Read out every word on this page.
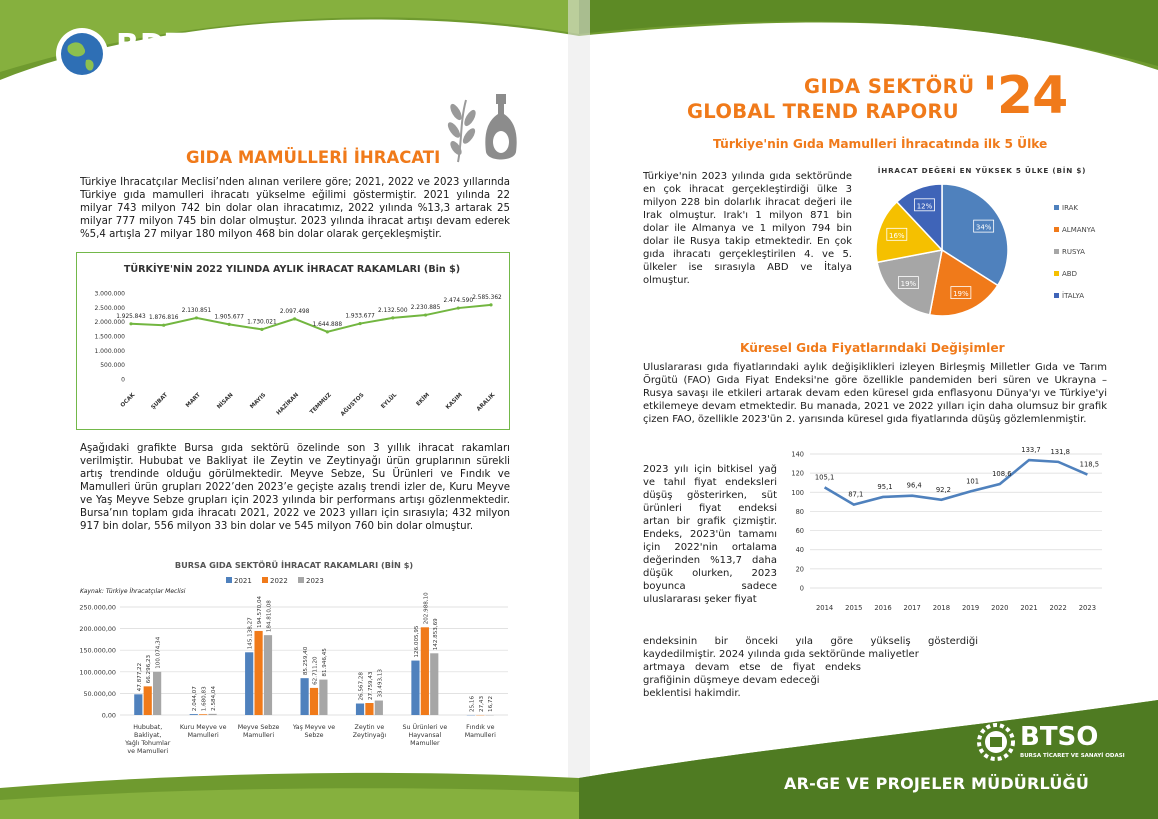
BDTM
BURSA DIŞ TİCARET MERKEZİ
GIDA MAMÜLLERİ İHRACATI
Türkiye İhracatçılar Meclisi’nden alınan verilere göre; 2021, 2022 ve 2023 yıllarında Türkiye gıda mamulleri ihracatı yükselme eğilimi göstermiştir. 2021 yılında 22 milyar 743 milyon 742 bin dolar olan ihracatımız, 2022 yılında %13,3 artarak 25 milyar 777 milyon 745 bin dolar olmuştur. 2023 yılında ihracat artışı devam ederek %5,4 artışla 27 milyar 180 milyon 468 bin dolar olarak gerçekleşmiştir.
TÜRKİYE'NİN 2022 YILINDA AYLIK İHRACAT RAKAMLARI (Bin $)
0
500.000
1.000.000
1.500.000
2.000.000
2.500.000
3.000.000
1.925.843
OCAK
1.876.816
ŞUBAT
2.130.851
MART
1.905.677
NİSAN
1.730.021
MAYIS
2.097.498
HAZİRAN
1.644.888
TEMMUZ
1.933.677
AĞUSTOS
2.132.500
EYLÜL
2.230.885
EKİM
2.474.590
KASIM
2.585.362
ARALIK
Aşağıdaki grafikte Bursa gıda sektörü özelinde son 3 yıllık ihracat rakamları verilmiştir. Hububat ve Bakliyat ile Zeytin ve Zeytinyağı ürün gruplarının sürekli artış trendinde olduğu görülmektedir. Meyve Sebze, Su Ürünleri ve Fındık ve Mamulleri ürün grupları 2022’den 2023’e geçişte azalış trendi izler de, Kuru Meyve ve Yaş Meyve Sebze grupları için 2023 yılında bir performans artışı gözlenmektedir. Bursa’nın toplam gıda ihracatı 2021, 2022 ve 2023 yılları için sırasıyla; 432 milyon 917 bin dolar, 556 milyon 33 bin dolar ve 545 milyon 760 bin dolar olmuştur.
BURSA GIDA SEKTÖRÜ İHRACAT RAKAMLARI (BİN $)
2021	2022	2023
Kaynak: Türkiye İhracatçılar Meclisi
0,00
50.000,00
100.000,00
150.000,00
200.000,00
250.000,00
47.877,22 66.296,23
100.074,34
Hububat,
Bakliyat,
Yağlı Tohumlar
ve Mamulleri
2.044,07 1.680,83 2.584,04
Kuru Meyve ve
Mamulleri
145.138,27
194.570,04 184.810,08
Meyve Sebze
Mamulleri
85.259,40 62.711,20 81.946,45
Yaş Meyve ve
Sebze
26.567,28 27.759,43 33.493,13
Zeytin ve
Zeytinyağı
126.005,95
202.988,10
142.853,69
Su Ürünleri ve
Hayvansal
Mamuller
25,16 27,43 16,72
Fındık ve
Mamulleri
GIDA SEKTÖRÜ
GLOBAL TREND RAPORU '24
Türkiye'nin Gıda Mamulleri İhracatında ilk 5 Ülke
Türkiye'nin 2023 yılında gıda sektöründe en çok ihracat gerçekleştirdiği ülke 3 milyon 228 bin dolarlık ihracat değeri ile Irak olmuştur. Irak'ı 1 milyon 871 bin dolar ile Almanya ve 1 milyon 794 bin dolar ile Rusya takip etmektedir. En çok gıda ihracatı gerçekleştirilen 4. ve 5. ülkeler ise sırasıyla ABD ve İtalya olmuştur.
İHRACAT DEĞERİ EN YÜKSEK 5 ÜLKE (BİN $)
34%
19%
19%
16%
12%	IRAK
ALMANYA
RUSYA
ABD
İTALYA
Küresel Gıda Fiyatlarındaki Değişimler
Uluslararası gıda fiyatlarındaki aylık değişiklikleri izleyen Birleşmiş Milletler Gıda ve Tarım Örgütü (FAO) Gıda Fiyat Endeksi'ne göre özellikle pandemiden beri süren ve Ukrayna – Rusya savaşı ile etkileri artarak devam eden küresel gıda enflasyonu Dünya'yı ve Türkiye'yi etkilemeye devam etmektedir. Bu manada, 2021 ve 2022 yılları için daha olumsuz bir grafik çizen FAO, özellikle 2023'ün 2. yarısında küresel gıda fiyatlarında düşüş gözlemlenmiştir.
2023 yılı için bitkisel yağ ve tahıl fiyat endeksleri düşüş gösterirken, süt ürünleri fiyat endeksi artan bir grafik çizmiştir. Endeks, 2023'ün tamamı için 2022'nin ortalama değerinden %13,7 daha düşük olurken, 2023 boyunca sadece uluslararası şeker fiyat
0
20
40
60
80
100
120
140
105,1
2014
87,1
2015
95,1
2016
96,4
2017
92,2
2018
101
2019
108,6
2020
133,7
2021
131,8
2022
118,5
2023
endeksinin bir önceki yıla göre yükseliş gösterdiği
kaydedilmiştir. 2024 yılında gıda sektöründe maliyetler
artmaya devam etse de fiyat endeks
grafiğinin düşmeye devam edeceği
beklentisi hakimdir.
BTSO
BURSA TİCARET VE SANAYİ ODASI
AR-GE VE PROJELER MÜDÜRLÜĞÜ
